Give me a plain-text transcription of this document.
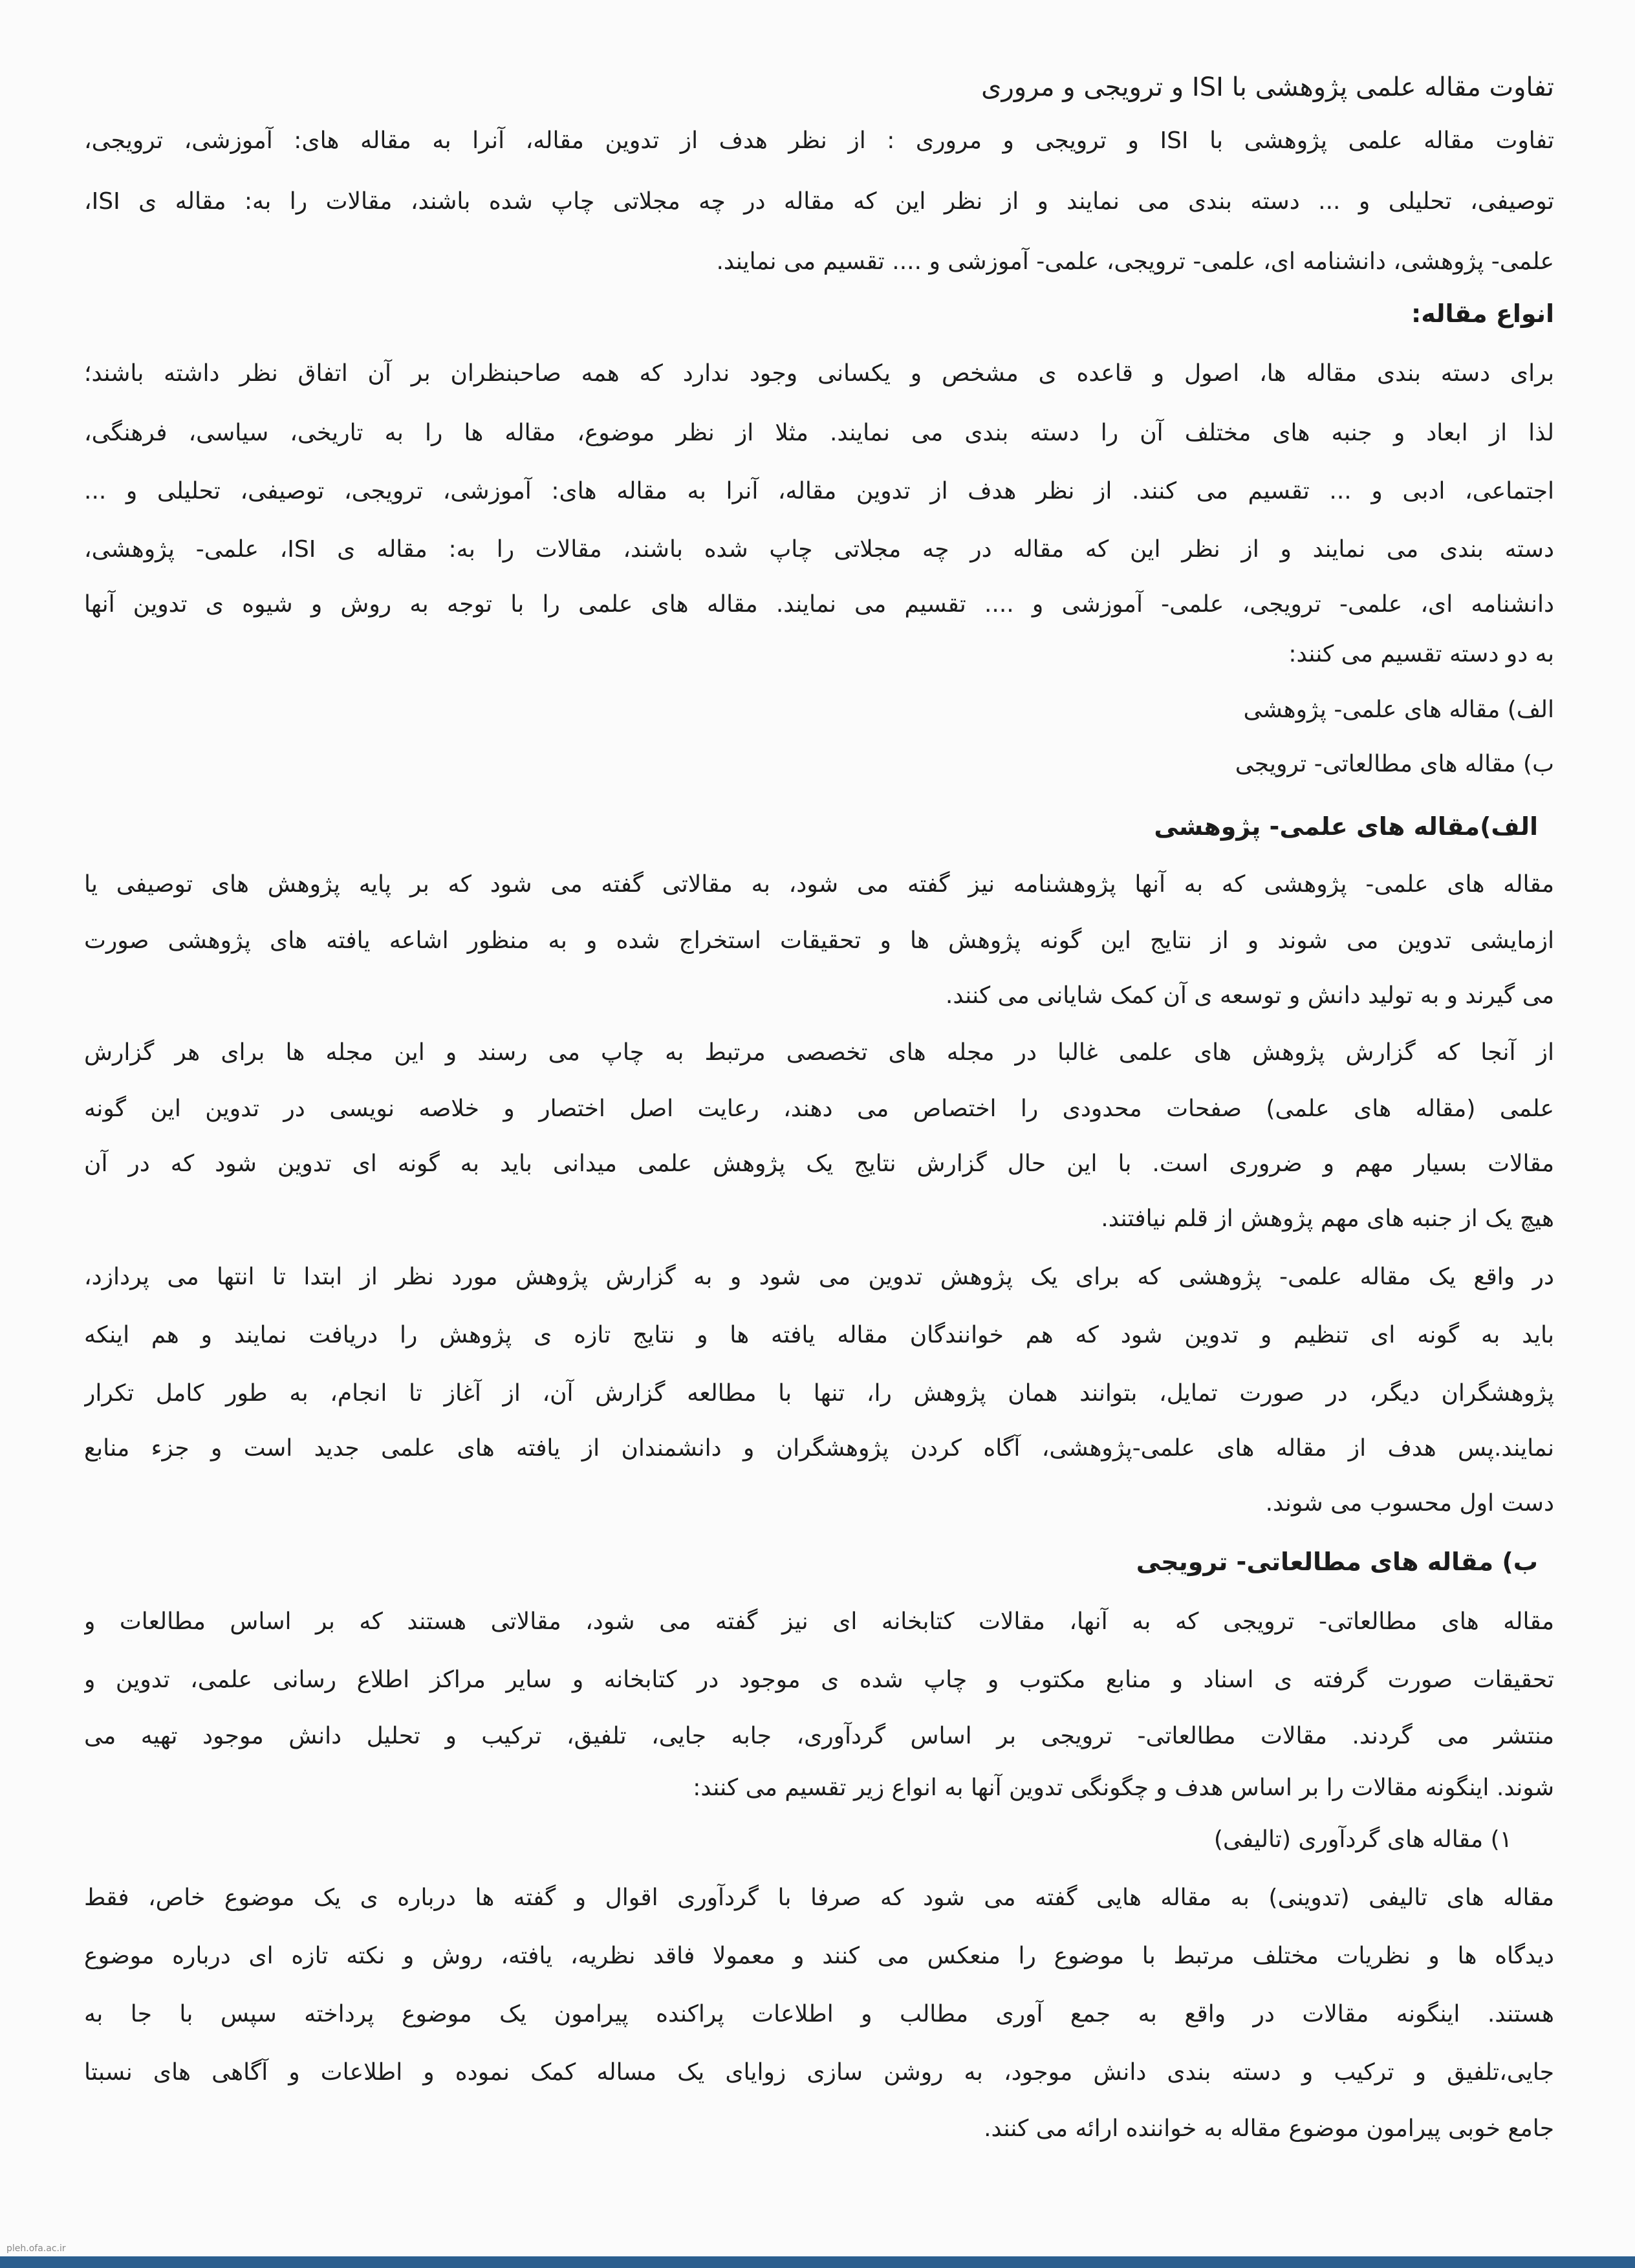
تفاوت مقاله علمی پژوهشی با ISI و ترویجی و مروری
تفاوت مقاله علمی پژوهشی با ISI و ترویجی و مروری : از نظر هدف از تدوین مقاله، آنرا به مقاله های: آموزشی، ترویجی،
توصیفی، تحلیلی و ... دسته بندی می نمایند و از نظر این که مقاله در چه مجلاتی چاپ شده باشند، مقالات را به: مقاله ی ISI،
علمی- پژوهشی، دانشنامه ای، علمی- ترویجی، علمی- آموزشی و .... تقسیم می نمایند.
انواع مقاله:
برای دسته بندی مقاله ها، اصول و قاعده ی مشخص و یکسانی وجود ندارد که همه صاحبنظران بر آن اتفاق نظر داشته باشند؛
لذا از ابعاد و جنبه های مختلف آن را دسته بندی می نمایند. مثلا از نظر موضوع، مقاله ها را به تاریخی، سیاسی، فرهنگی،
اجتماعی، ادبی و ... تقسیم می کنند. از نظر هدف از تدوین مقاله، آنرا به مقاله های: آموزشی، ترویجی، توصیفی، تحلیلی و ...
دسته بندی می نمایند و از نظر این که مقاله در چه مجلاتی چاپ شده باشند، مقالات را به: مقاله ی ISI، علمی- پژوهشی،
دانشنامه ای، علمی- ترویجی، علمی- آموزشی و .... تقسیم می نمایند. مقاله های علمی را با توجه به روش و شیوه ی تدوین آنها
به دو دسته تقسیم می کنند:
الف) مقاله های علمی- پژوهشی
ب) مقاله های مطالعاتی- ترویجی
الف)مقاله های علمی- پژوهشی
مقاله های علمی- پژوهشی که به آنها پژوهشنامه نیز گفته می شود، به مقالاتی گفته می شود که بر پایه پژوهش های توصیفی یا
ازمایشی تدوین می شوند و از نتایج این گونه پژوهش ها و تحقیقات استخراج شده و به منظور اشاعه یافته های پژوهشی صورت
می گیرند و به تولید دانش و توسعه ی آن کمک شایانی می کنند.
از آنجا که گزارش پژوهش های علمی غالبا در مجله های تخصصی مرتبط به چاپ می رسند و این مجله ها برای هر گزارش
علمی (مقاله های علمی) صفحات محدودی را اختصاص می دهند، رعایت اصل اختصار و خلاصه نویسی در تدوین این گونه
مقالات بسیار مهم و ضروری است. با این حال گزارش نتایج یک پژوهش علمی میدانی باید به گونه ای تدوین شود که در آن
هیچ یک از جنبه های مهم پژوهش از قلم نیافتند.
در واقع یک مقاله علمی- پژوهشی که برای یک پژوهش تدوین می شود و به گزارش پژوهش مورد نظر از ابتدا تا انتها می پردازد،
باید به گونه ای تنظیم و تدوین شود که هم خوانندگان مقاله یافته ها و نتایج تازه ی پژوهش را دریافت نمایند و هم اینکه
پژوهشگران دیگر، در صورت تمایل، بتوانند همان پژوهش را، تنها با مطالعه گزارش آن، از آغاز تا انجام، به طور کامل تکرار
نمایند.پس هدف از مقاله های علمی-پژوهشی، آگاه کردن پژوهشگران و دانشمندان از یافته های علمی جدید است و جزء منابع
دست اول محسوب می شوند.
ب) مقاله های مطالعاتی- ترویجی
مقاله های مطالعاتی- ترویجی که به آنها، مقالات کتابخانه ای نیز گفته می شود، مقالاتی هستند که بر اساس مطالعات و
تحقیقات صورت گرفته ی اسناد و منابع مکتوب و چاپ شده ی موجود در کتابخانه و سایر مراکز اطلاع رسانی علمی، تدوین و
منتشر می گردند. مقالات مطالعاتی- ترویجی بر اساس گردآوری، جابه جایی، تلفیق، ترکیب و تحلیل دانش موجود تهیه می
شوند. اینگونه مقالات را بر اساس هدف و چگونگی تدوین آنها به انواع زیر تقسیم می کنند:
١) مقاله های گردآوری (تالیفی)
مقاله های تالیفی (تدوینی) به مقاله هایی گفته می شود که صرفا با گردآوری اقوال و گفته ها درباره ی یک موضوع خاص، فقط
دیدگاه ها و نظریات مختلف مرتبط با موضوع را منعکس می کنند و معمولا فاقد نظریه، یافته، روش و نکته تازه ای درباره موضوع
هستند. اینگونه مقالات در واقع به جمع آوری مطالب و اطلاعات پراکنده پیرامون یک موضوع پرداخته سپس با جا به
جایی،تلفیق و ترکیب و دسته بندی دانش موجود، به روشن سازی زوایای یک مساله کمک نموده و اطلاعات و آگاهی های نسبتا
جامع خوبی پیرامون موضوع مقاله به خواننده ارائه می کنند.
pleh.ofa.ac.ir
